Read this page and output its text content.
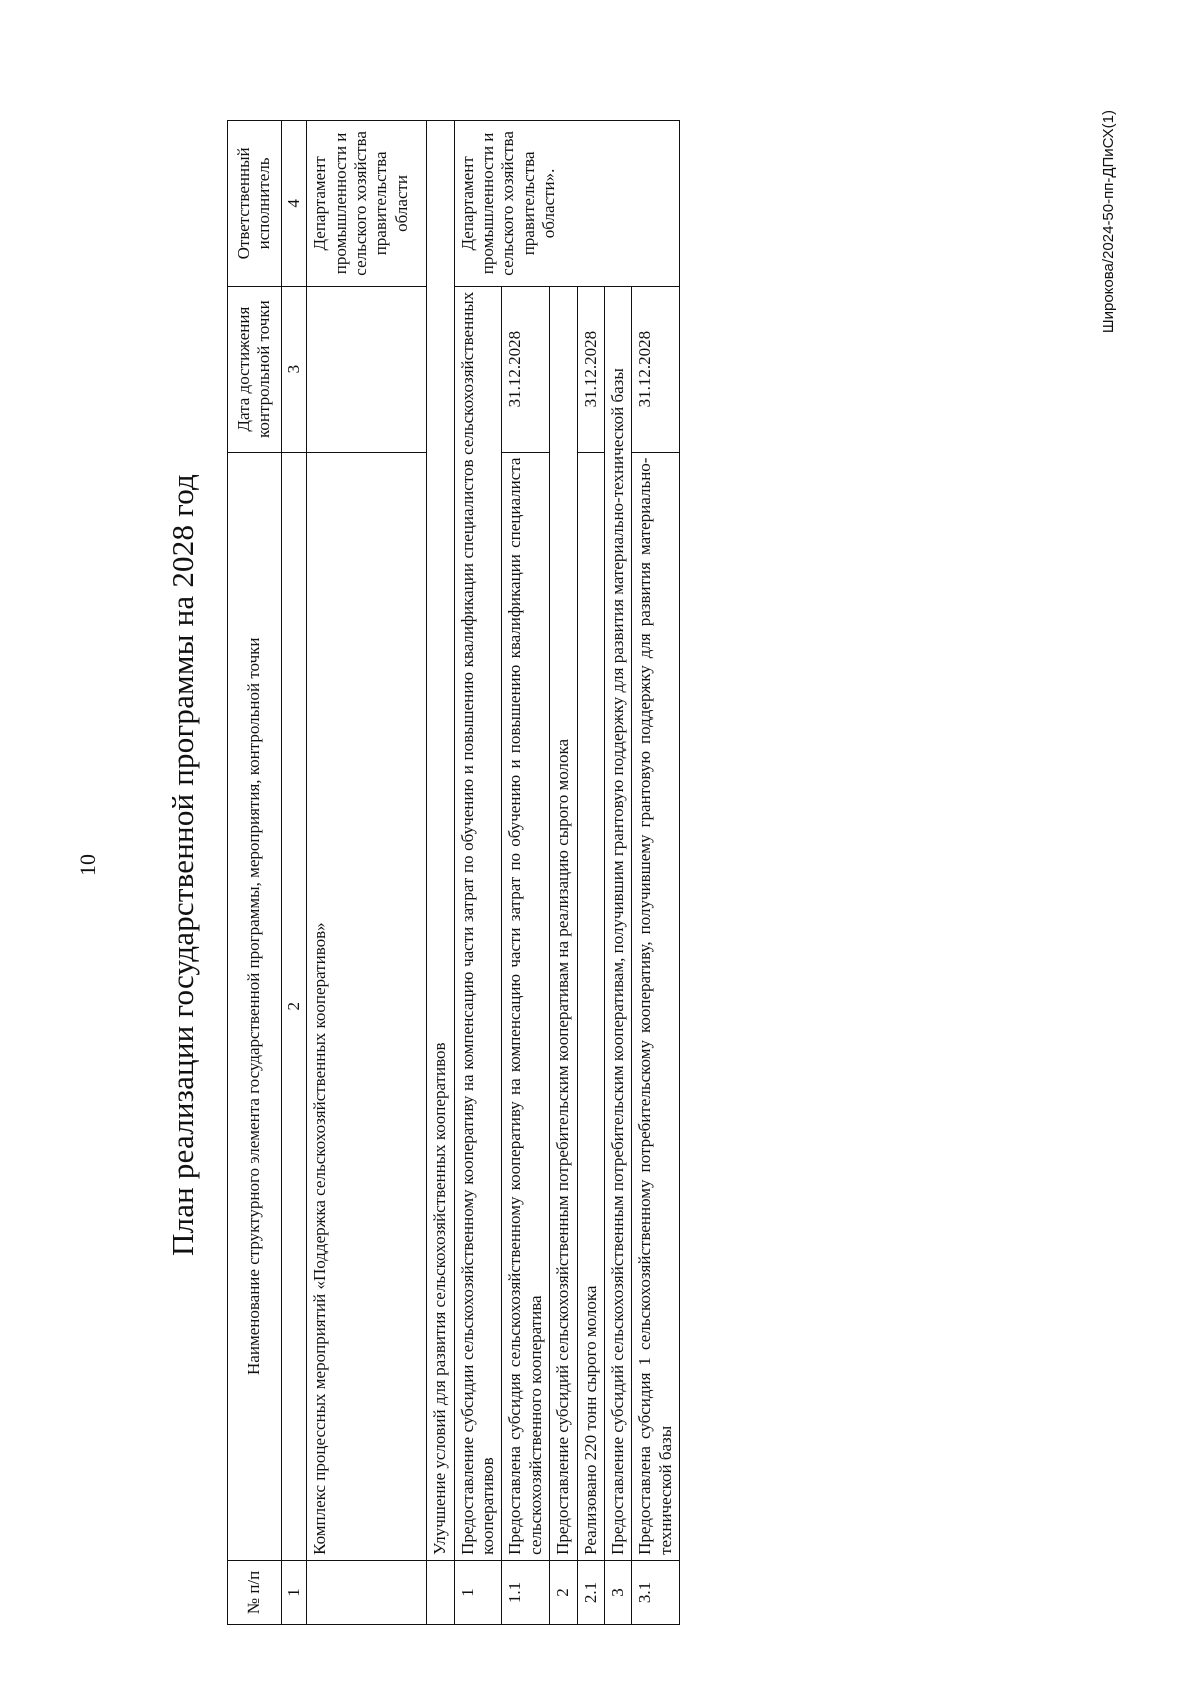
10 План реализации государственной программы на 2028 год
№ п/п	Наименование структурного элемента государственной программы, мероприятия, контрольной точки	Дата достижения контрольной точки	Ответственный исполнитель
1	2	3	4
	Комплекс процессных мероприятий «Поддержка сельскохозяйственных кооперативов»		Департамент промышленности и сельского хозяйства правительства области
	Улучшение условий для развития сельскохозяйственных кооперативов		
1	Предоставление субсидии сельскохозяйственному кооперативу на компенсацию части затрат по обучению и повышению квалификации специалистов сельскохозяйственных кооперативов		Департамент промышленности и сельского хозяйства правительства области».
1.1	Предоставлена субсидия сельскохозяйственному кооперативу на компенсацию части затрат по обучению и повышению квалификации специалиста сельскохозяйственного кооператива	31.12.2028	
2	Предоставление субсидий сельскохозяйственным потребительским кооперативам на реализацию сырого молока		
2.1	Реализовано 220 тонн сырого молока	31.12.2028	
3	Предоставление субсидий сельскохозяйственным потребительским кооперативам, получившим грантовую поддержку для развития материально-технической базы		
3.1	Предоставлена субсидия 1 сельскохозяйственному потребительскому кооперативу, получившему грантовую поддержку для развития материально-технической базы	31.12.2028	
Широкова/2024-50-пп-ДПиСХ(1)
